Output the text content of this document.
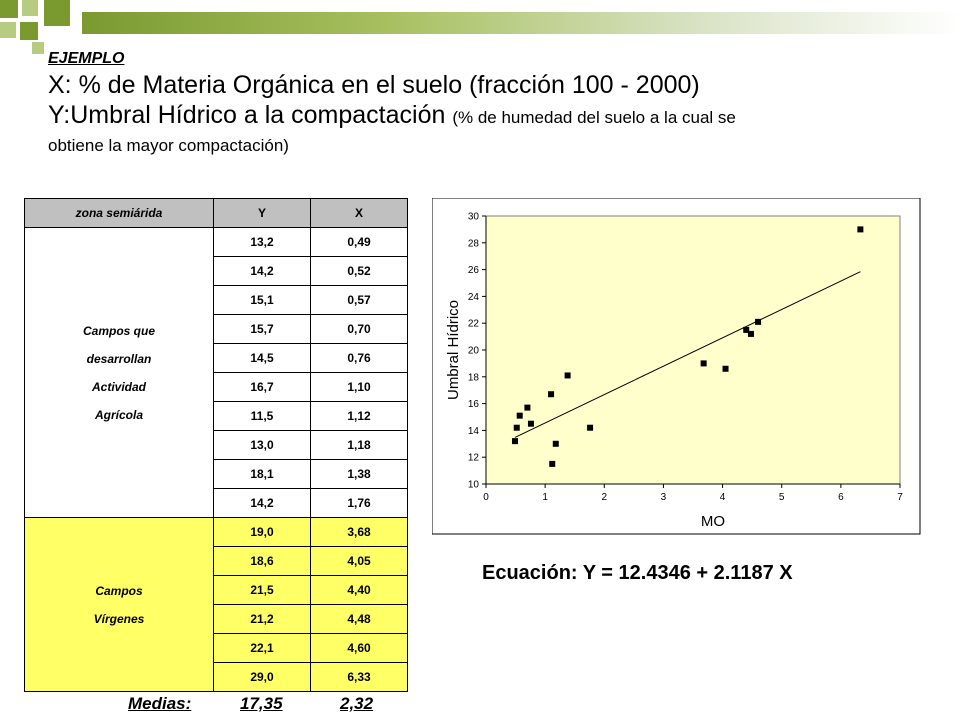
EJEMPLO
X: % de Materia Orgánica en el suelo (fracción 100 - 2000)
Y:Umbral Hídrico a la compactación (% de humedad del suelo a la cual se
obtiene la mayor compactación)
zona semiárida	Y	X

Campos que
desarrollan
Actividad
Agrícola	13,2	0,49
	14,2	0,52
	15,1	0,57
	15,7	0,70
	14,5	0,76
	16,7	1,10
	11,5	1,12
	13,0	1,18
	18,1	1,38
	14,2	1,76

Campos
Vírgenes	19,0	3,68
	18,6	4,05
	21,5	4,40
	21,2	4,48
	22,1	4,60
	29,0	6,33
Medias:	17,35	2,32
0	1	2	3	4	5	6	7
10
12
14
16
18
20
22
24
26
28
30
Umbral Hídrico
MO
Ecuación: Y = 12.4346 + 2.1187 X
